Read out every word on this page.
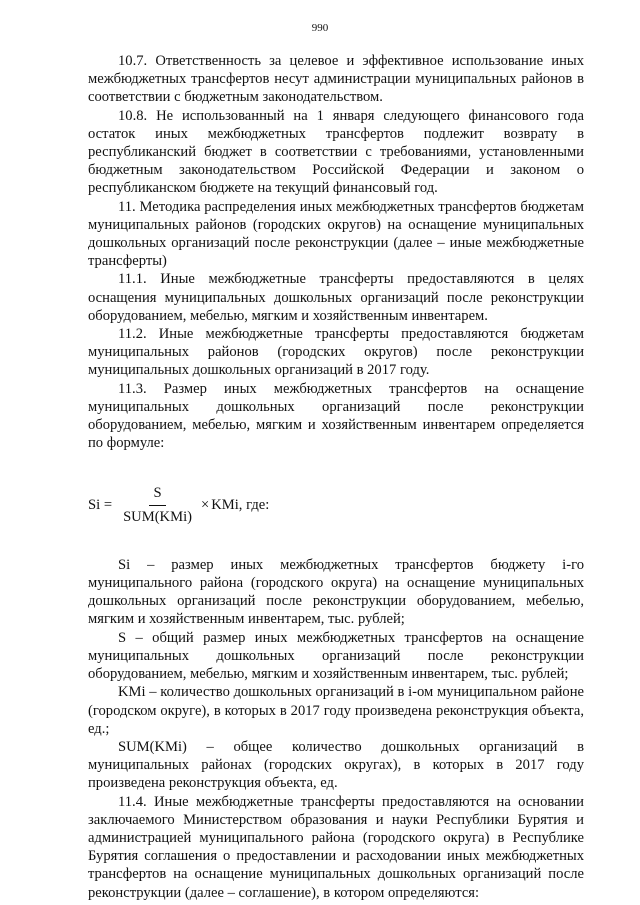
990

10.7. Ответственность за целевое и эффективное использование иных межбюджетных трансфертов несут администрации муниципальных районов в соответствии с бюджетным законодательством.

10.8. Не использованный на 1 января следующего финансового года остаток иных межбюджетных трансфертов подлежит возврату в республиканский бюджет в соответствии с требованиями, установленными бюджетным законодательством Российской Федерации и законом о республиканском бюджете на текущий финансовый год.

11. Методика распределения иных межбюджетных трансфертов бюджетам муниципальных районов (городских округов) на оснащение муниципальных дошкольных организаций после реконструкции (далее – иные межбюджетные трансферты)

11.1. Иные межбюджетные трансферты предоставляются в целях оснащения муниципальных дошкольных организаций после реконструкции оборудованием, мебелью, мягким и хозяйственным инвентарем.

11.2. Иные межбюджетные трансферты предоставляются бюджетам муниципальных районов (городских округов) после реконструкции муниципальных дошкольных организаций в 2017 году.

11.3. Размер иных межбюджетных трансфертов на оснащение муниципальных дошкольных организаций после реконструкции оборудованием, мебелью, мягким и хозяйственным инвентарем определяется по формуле:

$Si = \frac{S}{\text{SUM(KMi)}}$ × KMi, где:

Si – размер иных межбюджетных трансфертов бюджету i-го муниципального района (городского округа) на оснащение муниципальных дошкольных организаций после реконструкции оборудованием, мебелью, мягким и хозяйственным инвентарем, тыс. рублей;

S – общий размер иных межбюджетных трансфертов на оснащение муниципальных дошкольных организаций после реконструкции оборудованием, мебелью, мягким и хозяйственным инвентарем, тыс. рублей;

KMi – количество дошкольных организаций в i-ом муниципальном районе (городском округе), в которых в 2017 году произведена реконструкция объекта, ед.;

SUM(KMi) – общее количество дошкольных организаций в муниципальных районах (городских округах), в которых в 2017 году произведена реконструкция объекта, ед.

11.4. Иные межбюджетные трансферты предоставляются на основании заключаемого Министерством образования и науки Республики Бурятия и администрацией муниципального района (городского округа) в Республике Бурятия соглашения о предоставлении и расходовании иных межбюджетных трансфертов на оснащение муниципальных дошкольных организаций после реконструкции (далее – соглашение), в котором определяются:
